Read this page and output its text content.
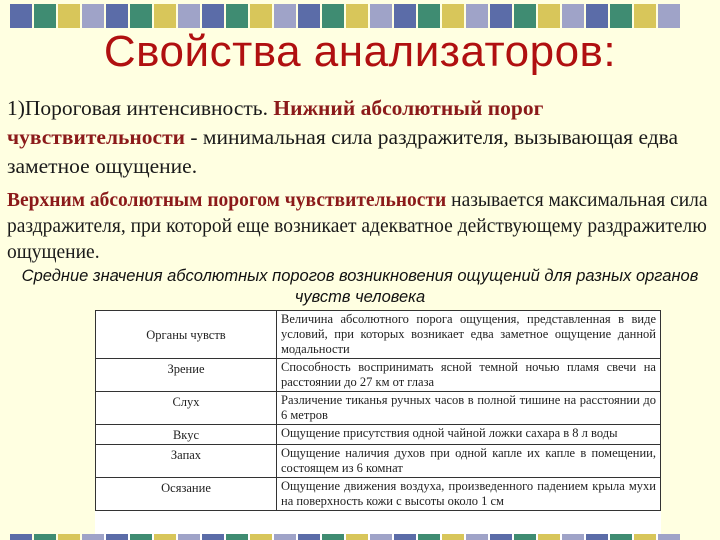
Свойства анализаторов:
1)Пороговая интенсивность. Нижний абсолютный порог чувствительности - минимальная сила раздражителя, вызывающая едва заметное ощущение.
Верхним абсолютным порогом чувствительности называется максимальная сила раздражителя, при которой еще возникает адекватное действующему раздражителю ощущение.
Средние значения абсолютных порогов возникновения ощущений для разных органов чувств человека
Органы чувств	Величина абсолютного порога ощущения, представленная в виде условий, при которых возникает едва заметное ощущение данной модальности
Зрение	Способность воспринимать ясной темной ночью пламя свечи на расстоянии до 27 км от глаза
Слух	Различение тиканья ручных часов в полной тишине на расстоянии до 6 метров
Вкус	Ощущение присутствия одной чайной ложки сахара в 8 л воды
Запах	Ощущение наличия духов при одной капле их капле в помещении, состоящем из 6 комнат
Осязание	Ощущение движения воздуха, произведенного падением крыла мухи на поверхность кожи с высоты около 1 см
